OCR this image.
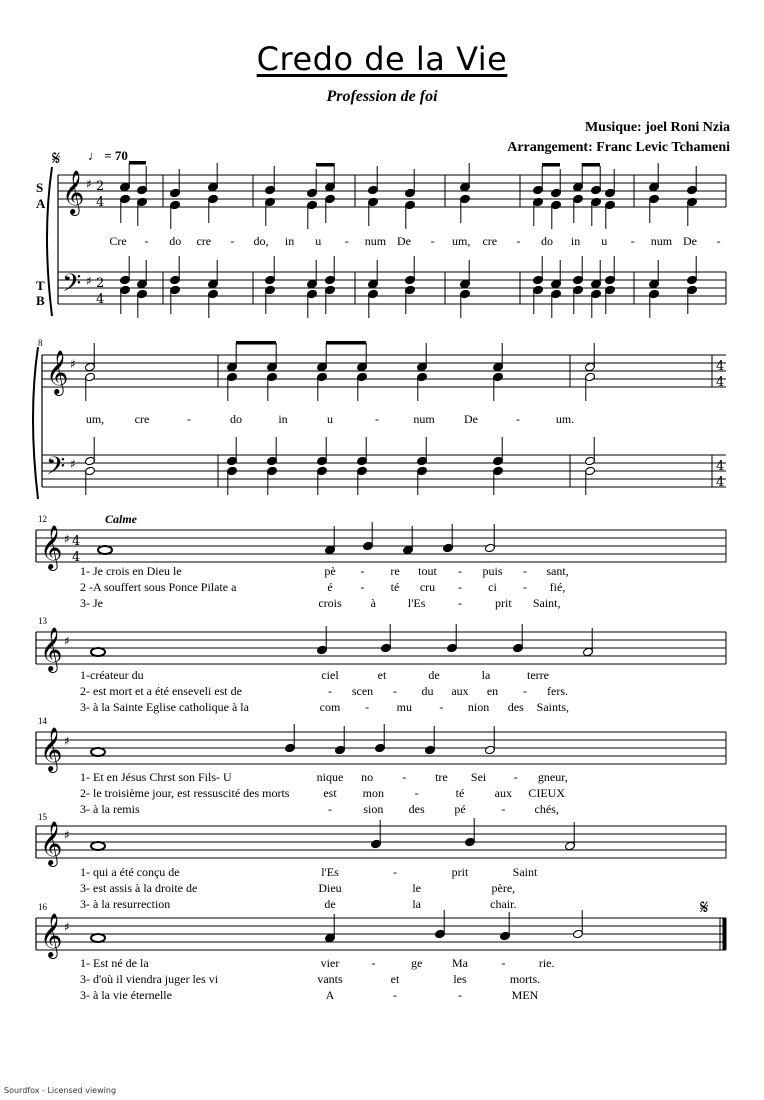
Credo de la Vie
Profession de foi
Musique: joel Roni Nzia
Arrangement: Franc Levic Tchameni
♩ = 70
S
A
T
B
8
12
13
14
15
16
Calme
𝄞
𝄢
♯
♯
2
4
2
4
𝄋
Cre - do cre - do, in u - num De - um, cre - do in u - num De -
𝄞
𝄢
♯
♯
4
4
4
4
um,	cre	-	do	in	u	-	num De	-	um.
𝄞 ♯ 4
4
1- Je crois en Dieu le	pè - re tout - puis - sant,
2 -A souffert sous Ponce Pilate a	é - té cru - ci - fié,
3- Je	crois à	l'Es	-	prit Saint,
𝄞 ♯
1-créateur du	ciel	et	de	la	terre
2- est mort et a été enseveli est de	- scen - du aux en - fers.
3- à la Sainte Eglise catholique à la	com - mu - nion des Saints,
𝄞 ♯
1- Et en Jésus Chrst son Fils- U	nique no - tre Sei - gneur,
2- le troisième jour, est ressuscité des morts	est mon	-	té	aux CIEUX
3- à la remis	-	sion des pé	- chés,
𝄞 ♯
1- qui a été conçu de	l'Es	-	prit	Saint
3- est assis à la droite de	Dieu	le	père,
3- à la resurrection	de	la	chair.
𝄞 ♯
1- Est né de la	vier	-	ge Ma	-	rie.
3- d'où il viendra juger les vi	vants	et	les	morts.
3- à la vie éternelle	A	-	-	MEN
𝄋
Sourdfox - Licensed viewing
